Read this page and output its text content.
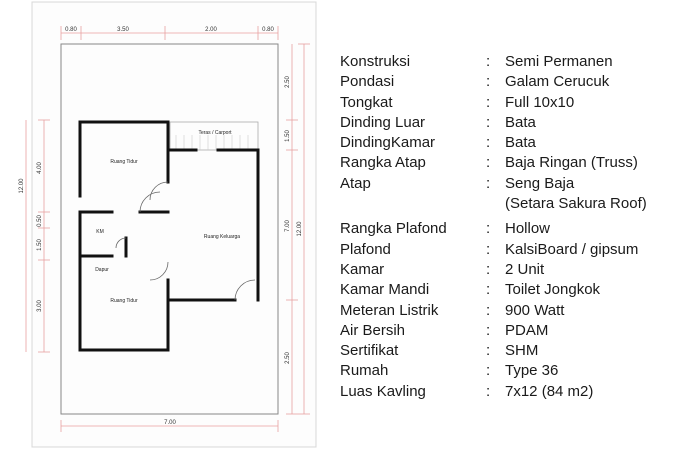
0.80	3.50	2.00	0.80
7.00
4.00
0.50
1.50
3.00
2.50
1.50
7.00
2.50
12.00
12.00
Ruang Tidur
Ruang Keluarga
KM
Dapur
Ruang Tidur
Teras / Carport
Konstruksi	: Semi Permanen
Pondasi	: Galam Cerucuk
Tongkat	: Full 10x10
Dinding Luar	: Bata
DindingKamar	: Bata
Rangka Atap	: Baja Ringan (Truss)
Atap	: Seng Baja
(Setara Sakura Roof)
Rangka Plafond	: Hollow
Plafond	: KalsiBoard / gipsum
Kamar	: 2 Unit
Kamar Mandi	: Toilet Jongkok
Meteran Listrik	: 900 Watt
Air Bersih	: PDAM
Sertifikat	: SHM
Rumah	: Type 36
Luas Kavling	: 7x12 (84 m2)
